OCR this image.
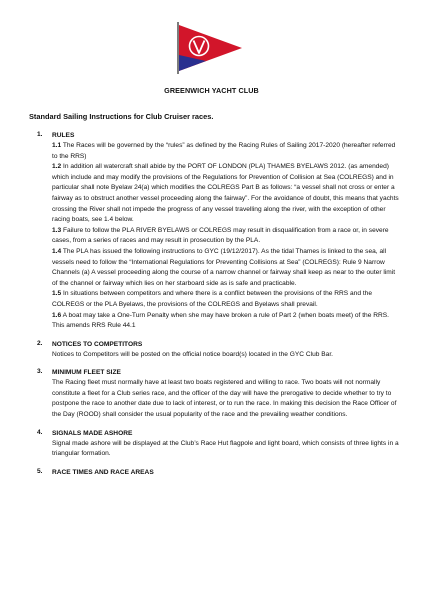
GREENWICH YACHT CLUB
Standard Sailing Instructions for Club Cruiser races.
1.	RULES

1.1 The Races will be governed by the “rules” as defined by the Racing Rules of Sailing 2017-2020 (hereafter referred to the RRS)

1.2 In addition all watercraft shall abide by the PORT OF LONDON (PLA) THAMES BYELAWS 2012. (as amended) which include and may modify the provisions of the Regulations for Prevention of Collision at Sea (COLREGS) and in particular shall note Byelaw 24(a) which modifies the COLREGS Part B as follows: “a vessel shall not cross or enter a fairway as to obstruct another vessel proceeding along the fairway”. For the avoidance of doubt, this means that yachts crossing the River shall not impede the progress of any vessel travelling along the river, with the exception of other racing boats, see 1.4 below.

1.3 Failure to follow the PLA RIVER BYELAWS or COLREGS may result in disqualification from a race or, in severe cases, from a series of races and may result in prosecution by the PLA.

1.4 The PLA has issued the following instructions to GYC (19/12/2017). As the tidal Thames is linked to the sea, all vessels need to follow the “International Regulations for Preventing Collisions at Sea” (COLREGS): Rule 9 Narrow Channels (a) A vessel proceeding along the course of a narrow channel or fairway shall keep as near to the outer limit of the channel or fairway which lies on her starboard side as is safe and practicable.

1.5 In situations between competitors and where there is a conflict between the provisions of the RRS and the COLREGS or the PLA Byelaws, the provisions of the COLREGS and Byelaws shall prevail.

1.6 A boat may take a One-Turn Penalty when she may have broken a rule of Part 2 (when boats meet) of the RRS. This amends RRS Rule 44.1

2.	NOTICES TO COMPETITORS

Notices to Competitors will be posted on the official notice board(s) located in the GYC Club Bar.

3.	MINIMUM FLEET SIZE

The Racing fleet must normally have at least two boats registered and willing to race. Two boats will not normally constitute a fleet for a Club series race, and the officer of the day will have the prerogative to decide whether to try to postpone the race to another date due to lack of interest, or to run the race. In making this decision the Race Officer of the Day (ROOD) shall consider the usual popularity of the race and the prevailing weather conditions.

4.	SIGNALS MADE ASHORE

Signal made ashore will be displayed at the Club’s Race Hut flagpole and light board, which consists of three lights in a triangular formation.

5.	RACE TIMES AND RACE AREAS
